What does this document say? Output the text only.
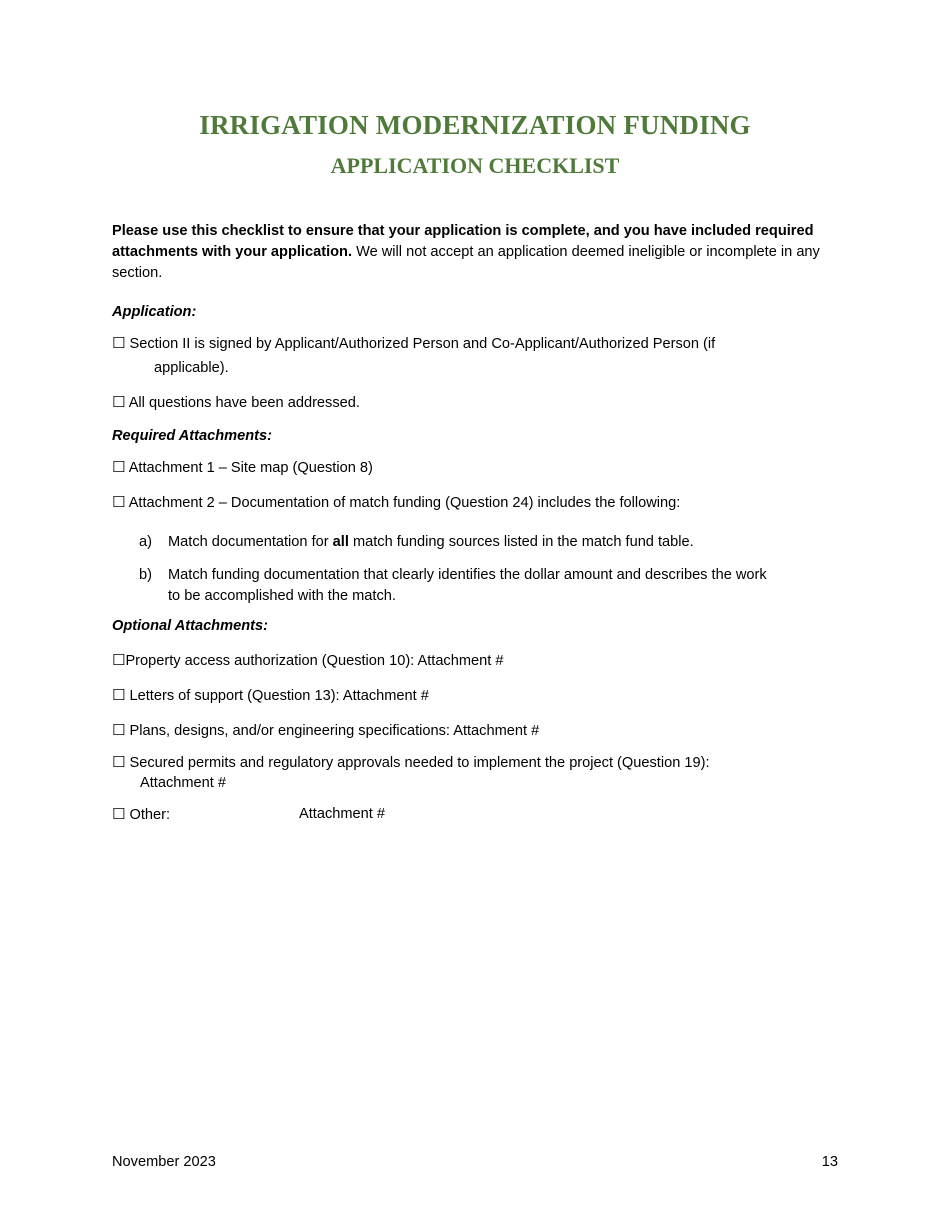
IRRIGATION MODERNIZATION FUNDING
APPLICATION CHECKLIST
Please use this checklist to ensure that your application is complete, and you have included required attachments with your application. We will not accept an application deemed ineligible or incomplete in any section.
Application:
☐ Section II is signed by Applicant/Authorized Person and Co-Applicant/Authorized Person (if
applicable).
☐ All questions have been addressed.
Required Attachments:
☐ Attachment 1 – Site map (Question 8)
☐ Attachment 2 – Documentation of match funding (Question 24) includes the following:
a) Match documentation for all match funding sources listed in the match fund table.
b) Match funding documentation that clearly identifies the dollar amount and describes the work
to be accomplished with the match.
Optional Attachments:
☐Property access authorization (Question 10): Attachment #
☐ Letters of support (Question 13): Attachment #
☐ Plans, designs, and/or engineering specifications: Attachment #
☐ Secured permits and regulatory approvals needed to implement the project (Question 19):
Attachment #
☐ Other:	Attachment #
November 2023	13
